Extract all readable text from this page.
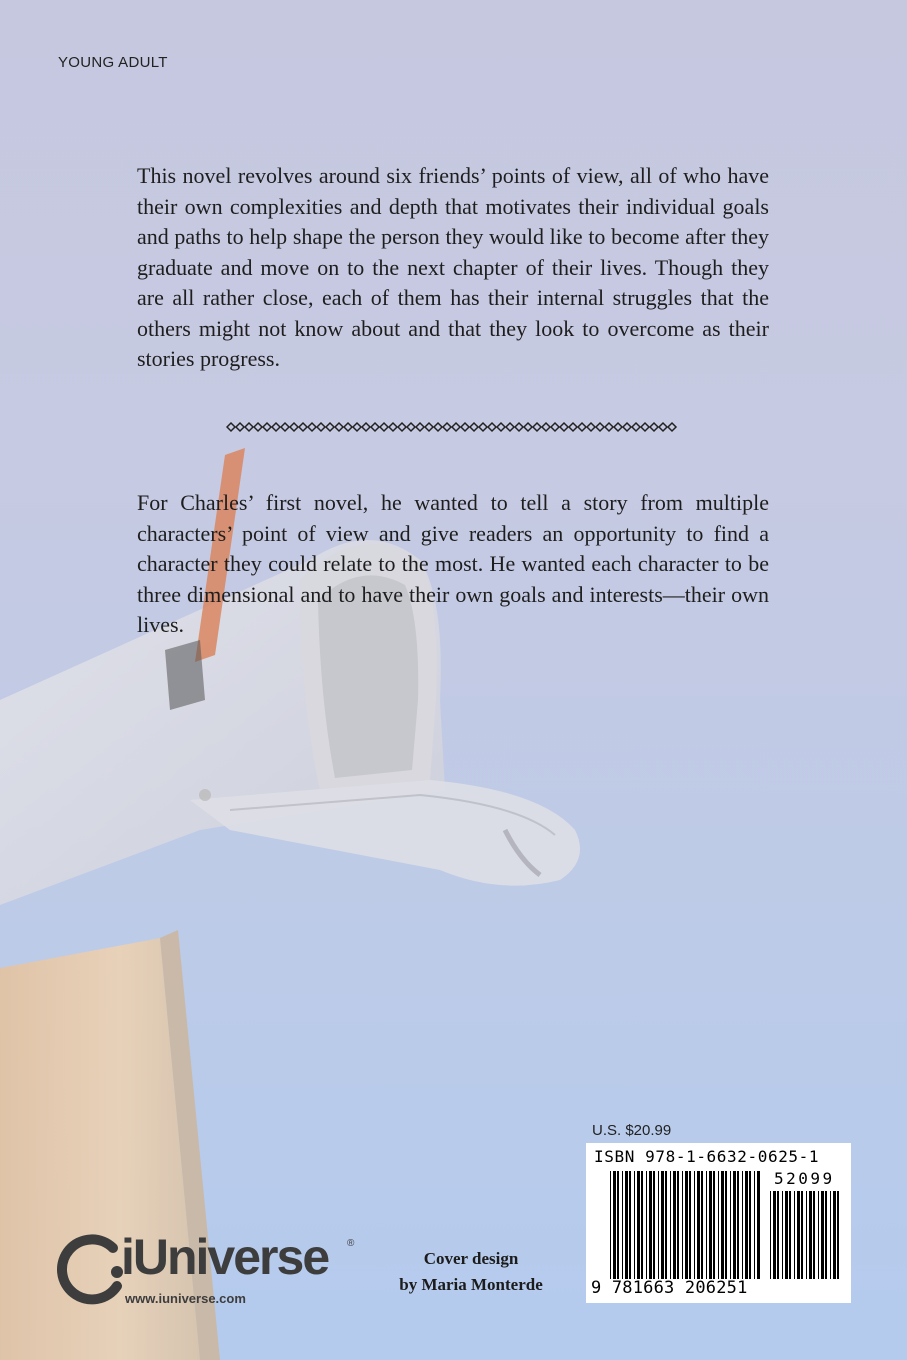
YOUNG ADULT

This novel revolves around six friends’ points of view, all of who have their own complexities and depth that motivates their individual goals and paths to help shape the person they would like to become after they graduate and move on to the next chapter of their lives. Though they are all rather close, each of them has their internal struggles that the others might not know about and that they look to overcome as their stories progress.

For Charles’ first novel, he wanted to tell a story from multiple characters’ point of view and give readers an opportunity to find a character they could relate to the most. He wanted each character to be three dimensional and to have their own goals and interests—their own lives.

U.S. $20.99
ISBN 978-1-6632-0625-1
52099
9 781663 206251
iUniverse ®
www.iuniverse.com
Cover design
by Maria Monterde
